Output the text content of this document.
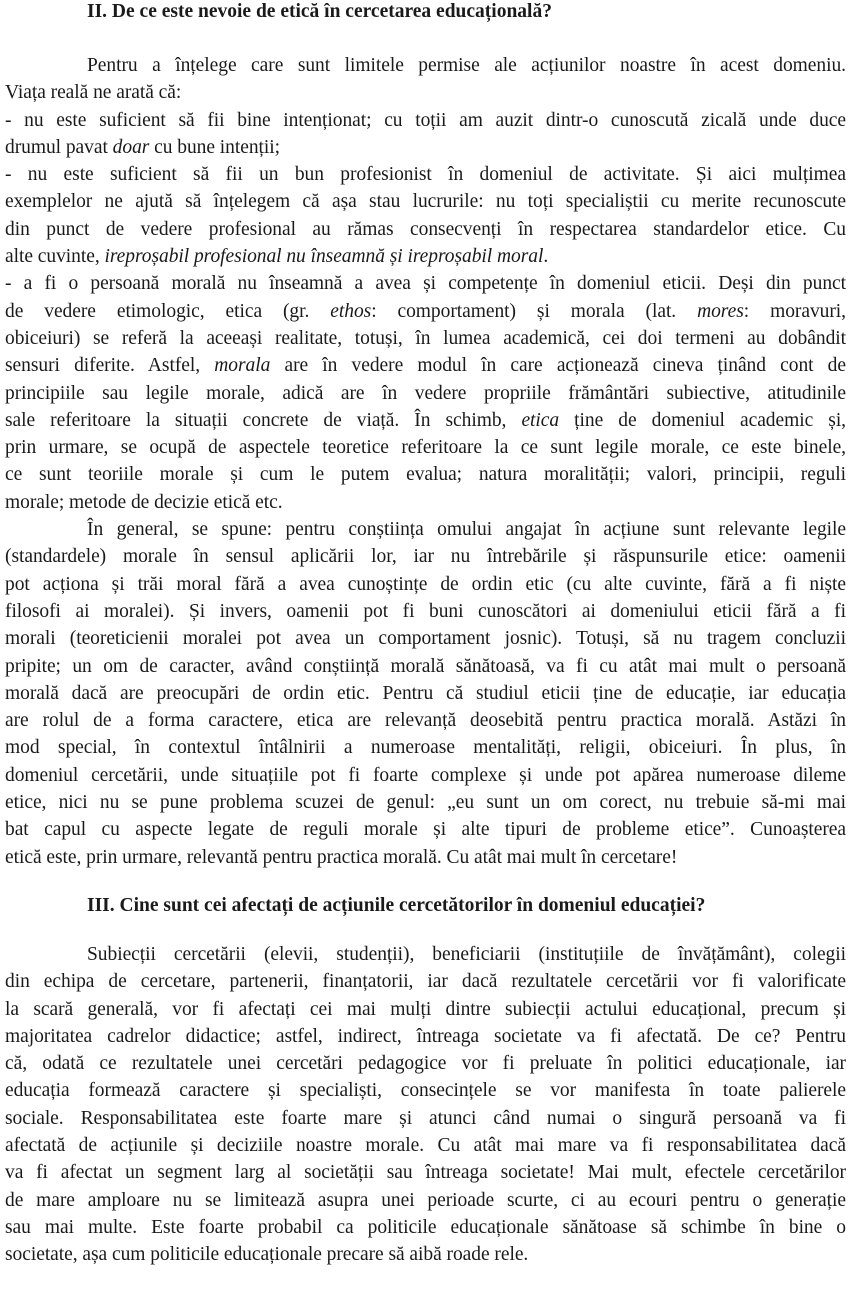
II. De ce este nevoie de etică în cercetarea educațională?
Pentru a înțelege care sunt limitele permise ale acțiunilor noastre în acest domeniu.
Viața reală ne arată că:
- nu este suficient să fii bine intenționat; cu toții am auzit dintr-o cunoscută zicală unde duce
drumul pavat doar cu bune intenții;
- nu este suficient să fii un bun profesionist în domeniul de activitate. Și aici mulțimea
exemplelor ne ajută să înțelegem că așa stau lucrurile: nu toți specialiștii cu merite recunoscute
din punct de vedere profesional au rămas consecvenți în respectarea standardelor etice. Cu
alte cuvinte, ireproșabil profesional nu înseamnă și ireproșabil moral.
- a fi o persoană morală nu înseamnă a avea și competențe în domeniul eticii. Deși din punct
de vedere etimologic, etica (gr. ethos: comportament) și morala (lat. mores: moravuri,
obiceiuri) se referă la aceeași realitate, totuși, în lumea academică, cei doi termeni au dobândit
sensuri diferite. Astfel, morala are în vedere modul în care acționează cineva ținând cont de
principiile sau legile morale, adică are în vedere propriile frământări subiective, atitudinile
sale referitoare la situații concrete de viață. În schimb, etica ține de domeniul academic și,
prin urmare, se ocupă de aspectele teoretice referitoare la ce sunt legile morale, ce este binele,
ce sunt teoriile morale și cum le putem evalua; natura moralității; valori, principii, reguli
morale; metode de decizie etică etc.
În general, se spune: pentru conștiința omului angajat în acțiune sunt relevante legile
(standardele) morale în sensul aplicării lor, iar nu întrebările și răspunsurile etice: oamenii
pot acționa și trăi moral fără a avea cunoștințe de ordin etic (cu alte cuvinte, fără a fi niște
filosofi ai moralei). Și invers, oamenii pot fi buni cunoscători ai domeniului eticii fără a fi
morali (teoreticienii moralei pot avea un comportament josnic). Totuși, să nu tragem concluzii
pripite; un om de caracter, având conștiință morală sănătoasă, va fi cu atât mai mult o persoană
morală dacă are preocupări de ordin etic. Pentru că studiul eticii ține de educație, iar educația
are rolul de a forma caractere, etica are relevanță deosebită pentru practica morală. Astăzi în
mod special, în contextul întâlnirii a numeroase mentalități, religii, obiceiuri. În plus, în
domeniul cercetării, unde situațiile pot fi foarte complexe și unde pot apărea numeroase dileme
etice, nici nu se pune problema scuzei de genul: „eu sunt un om corect, nu trebuie să-mi mai
bat capul cu aspecte legate de reguli morale și alte tipuri de probleme etice”. Cunoașterea
etică este, prin urmare, relevantă pentru practica morală. Cu atât mai mult în cercetare!
III. Cine sunt cei afectați de acțiunile cercetătorilor în domeniul educației?
Subiecții cercetării (elevii, studenții), beneficiarii (instituțiile de învățământ), colegii
din echipa de cercetare, partenerii, finanțatorii, iar dacă rezultatele cercetării vor fi valorificate
la scară generală, vor fi afectați cei mai mulți dintre subiecții actului educațional, precum și
majoritatea cadrelor didactice; astfel, indirect, întreaga societate va fi afectată. De ce? Pentru
că, odată ce rezultatele unei cercetări pedagogice vor fi preluate în politici educaționale, iar
educația formează caractere și specialiști, consecințele se vor manifesta în toate palierele
sociale. Responsabilitatea este foarte mare și atunci când numai o singură persoană va fi
afectată de acțiunile și deciziile noastre morale. Cu atât mai mare va fi responsabilitatea dacă
va fi afectat un segment larg al societății sau întreaga societate! Mai mult, efectele cercetărilor
de mare amploare nu se limitează asupra unei perioade scurte, ci au ecouri pentru o generație
sau mai multe. Este foarte probabil ca politicile educaționale sănătoase să schimbe în bine o
societate, așa cum politicile educaționale precare să aibă roade rele.
